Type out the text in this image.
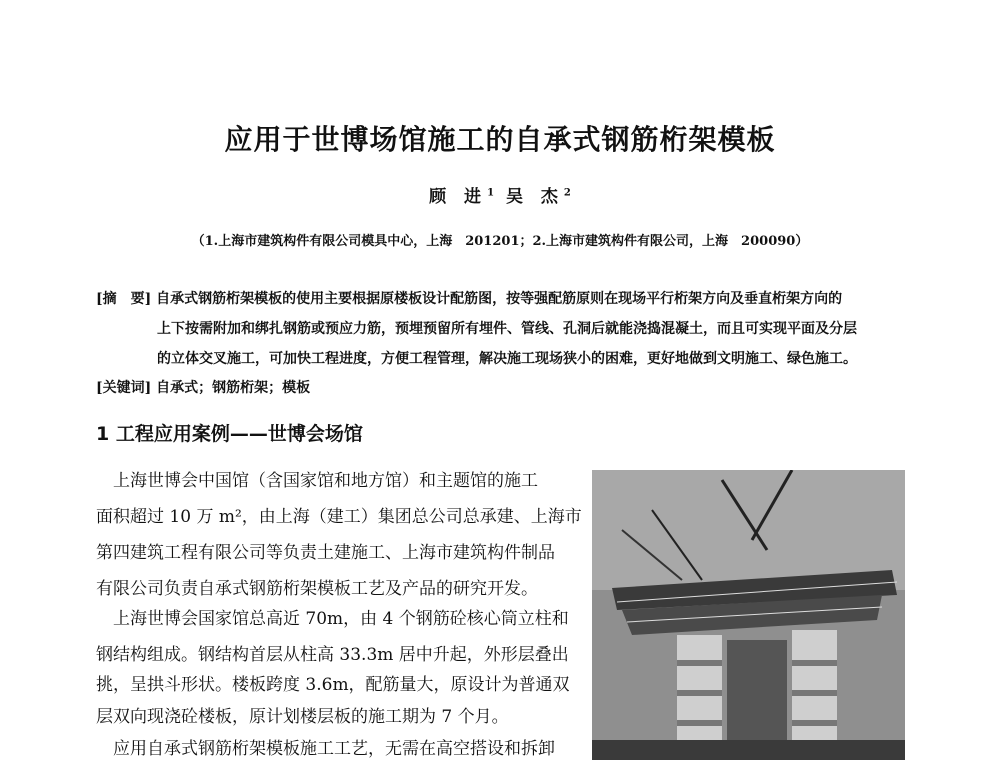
应用于世博场馆施工的自承式钢筋桁架模板
顾 进$^1$ 吴 杰$^2$
（1.上海市建筑构件有限公司模具中心，上海　201201；2.上海市建筑构件有限公司，上海　200090）
[摘　要] 自承式钢筋桁架模板的使用主要根据原楼板设计配筋图，按等强配筋原则在现场平行桁架方向及垂直桁架方向的
上下按需附加和绑扎钢筋或预应力筋，预埋预留所有埋件、管线、孔洞后就能浇捣混凝土，而且可实现平面及分层
的立体交叉施工，可加快工程进度，方便工程管理，解决施工现场狭小的困难，更好地做到文明施工、绿色施工。
[关键词] 自承式；钢筋桁架；模板
1 工程应用案例——世博会场馆
　上海世博会中国馆（含国家馆和地方馆）和主题馆的施工
面积超过 10 万 m²，由上海（建工）集团总公司总承建、上海市
第四建筑工程有限公司等负责土建施工、上海市建筑构件制品
有限公司负责自承式钢筋桁架模板工艺及产品的研究开发。
　上海世博会国家馆总高近 70m，由 4 个钢筋砼核心筒立柱和
钢结构组成。钢结构首层从柱高 33.3m 居中升起，外形层叠出
挑，呈拱斗形状。楼板跨度 3.6m，配筋量大，原设计为普通双
层双向现浇砼楼板，原计划楼层板的施工期为 7 个月。
　应用自承式钢筋桁架模板施工工艺，无需在高空搭设和拆卸
